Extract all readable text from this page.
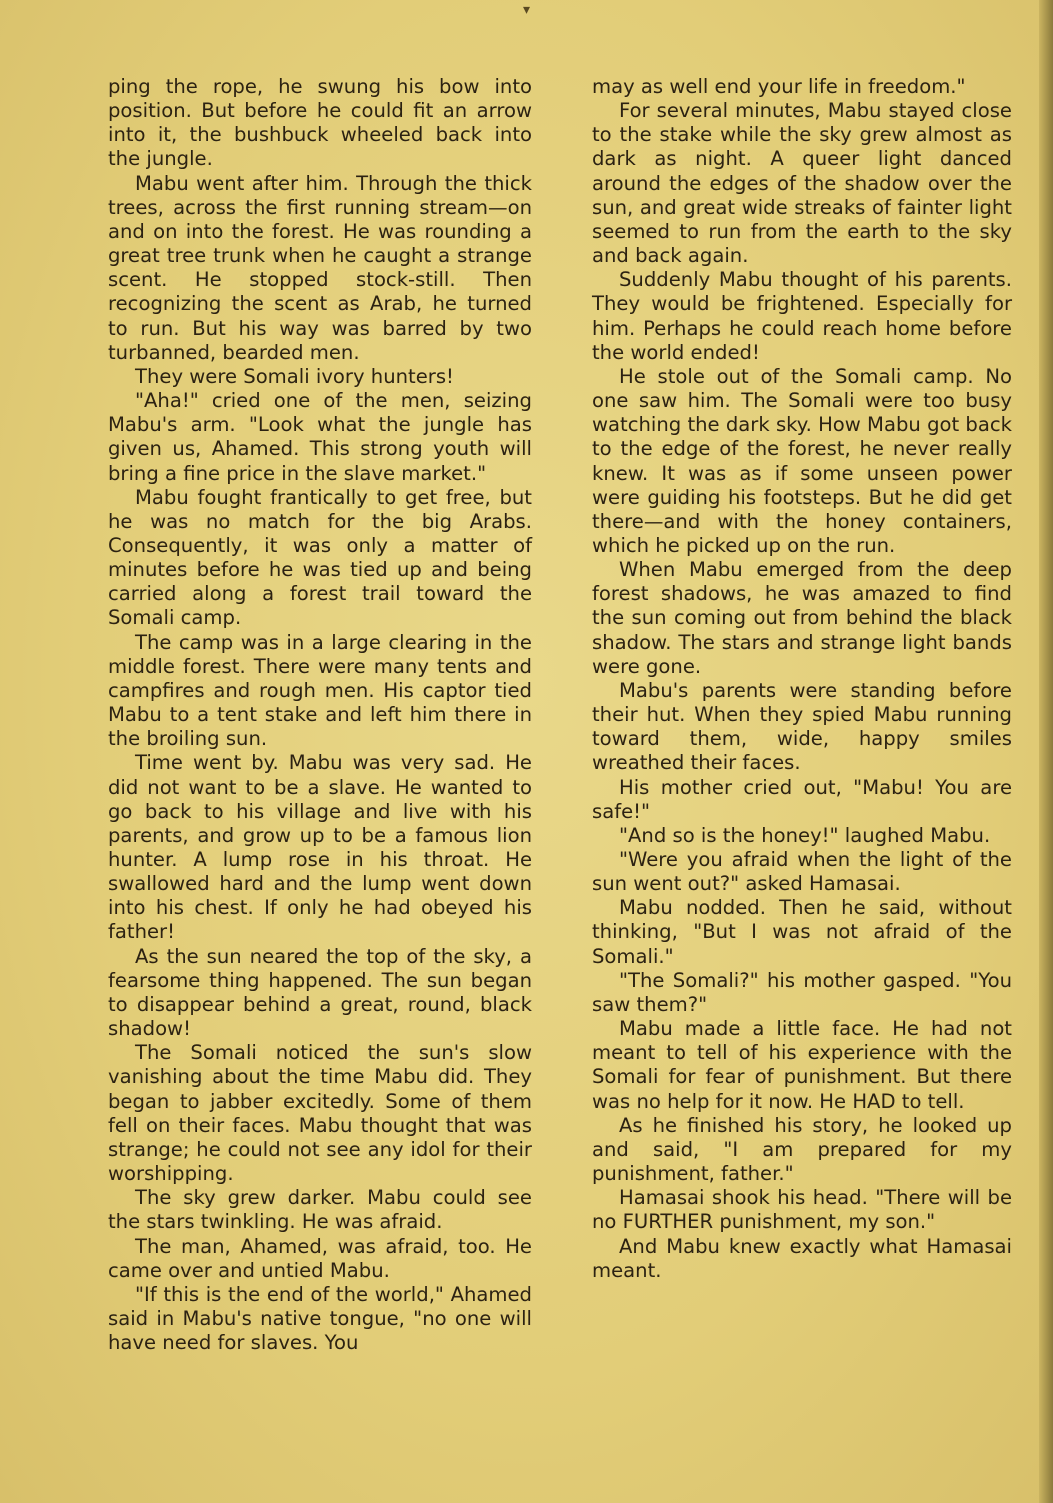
▾

ping the rope, he swung his bow into position. But before he could fit an arrow into it, the bushbuck wheeled back into the jungle.

Mabu went after him. Through the thick trees, across the first running stream—on and on into the forest. He was rounding a great tree trunk when he caught a strange scent. He stopped stock-still. Then recognizing the scent as Arab, he turned to run. But his way was barred by two turbanned, bearded men.

They were Somali ivory hunters!

"Aha!" cried one of the men, seizing Mabu's arm. "Look what the jungle has given us, Ahamed. This strong youth will bring a fine price in the slave market."

Mabu fought frantically to get free, but he was no match for the big Arabs. Consequently, it was only a matter of minutes before he was tied up and being carried along a forest trail toward the Somali camp.

The camp was in a large clearing in the middle forest. There were many tents and campfires and rough men. His captor tied Mabu to a tent stake and left him there in the broiling sun.

Time went by. Mabu was very sad. He did not want to be a slave. He wanted to go back to his village and live with his parents, and grow up to be a famous lion hunter. A lump rose in his throat. He swallowed hard and the lump went down into his chest. If only he had obeyed his father!

As the sun neared the top of the sky, a fearsome thing happened. The sun began to disappear behind a great, round, black shadow!

The Somali noticed the sun's slow vanishing about the time Mabu did. They began to jabber excitedly. Some of them fell on their faces. Mabu thought that was strange; he could not see any idol for their worshipping.

The sky grew darker. Mabu could see the stars twinkling. He was afraid.

The man, Ahamed, was afraid, too. He came over and untied Mabu.

"If this is the end of the world," Ahamed said in Mabu's native tongue, "no one will have need for slaves. You

may as well end your life in freedom."

For several minutes, Mabu stayed close to the stake while the sky grew almost as dark as night. A queer light danced around the edges of the shadow over the sun, and great wide streaks of fainter light seemed to run from the earth to the sky and back again.

Suddenly Mabu thought of his parents. They would be frightened. Especially for him. Perhaps he could reach home before the world ended!

He stole out of the Somali camp. No one saw him. The Somali were too busy watching the dark sky. How Mabu got back to the edge of the forest, he never really knew. It was as if some unseen power were guiding his footsteps. But he did get there—and with the honey containers, which he picked up on the run.

When Mabu emerged from the deep forest shadows, he was amazed to find the sun coming out from behind the black shadow. The stars and strange light bands were gone.

Mabu's parents were standing before their hut. When they spied Mabu running toward them, wide, happy smiles wreathed their faces.

His mother cried out, "Mabu! You are safe!"

"And so is the honey!" laughed Mabu.

"Were you afraid when the light of the sun went out?" asked Hamasai.

Mabu nodded. Then he said, without thinking, "But I was not afraid of the Somali."

"The Somali?" his mother gasped. "You saw them?"

Mabu made a little face. He had not meant to tell of his experience with the Somali for fear of punishment. But there was no help for it now. He HAD to tell.

As he finished his story, he looked up and said, "I am prepared for my punishment, father."

Hamasai shook his head. "There will be no FURTHER punishment, my son."

And Mabu knew exactly what Hamasai meant.
